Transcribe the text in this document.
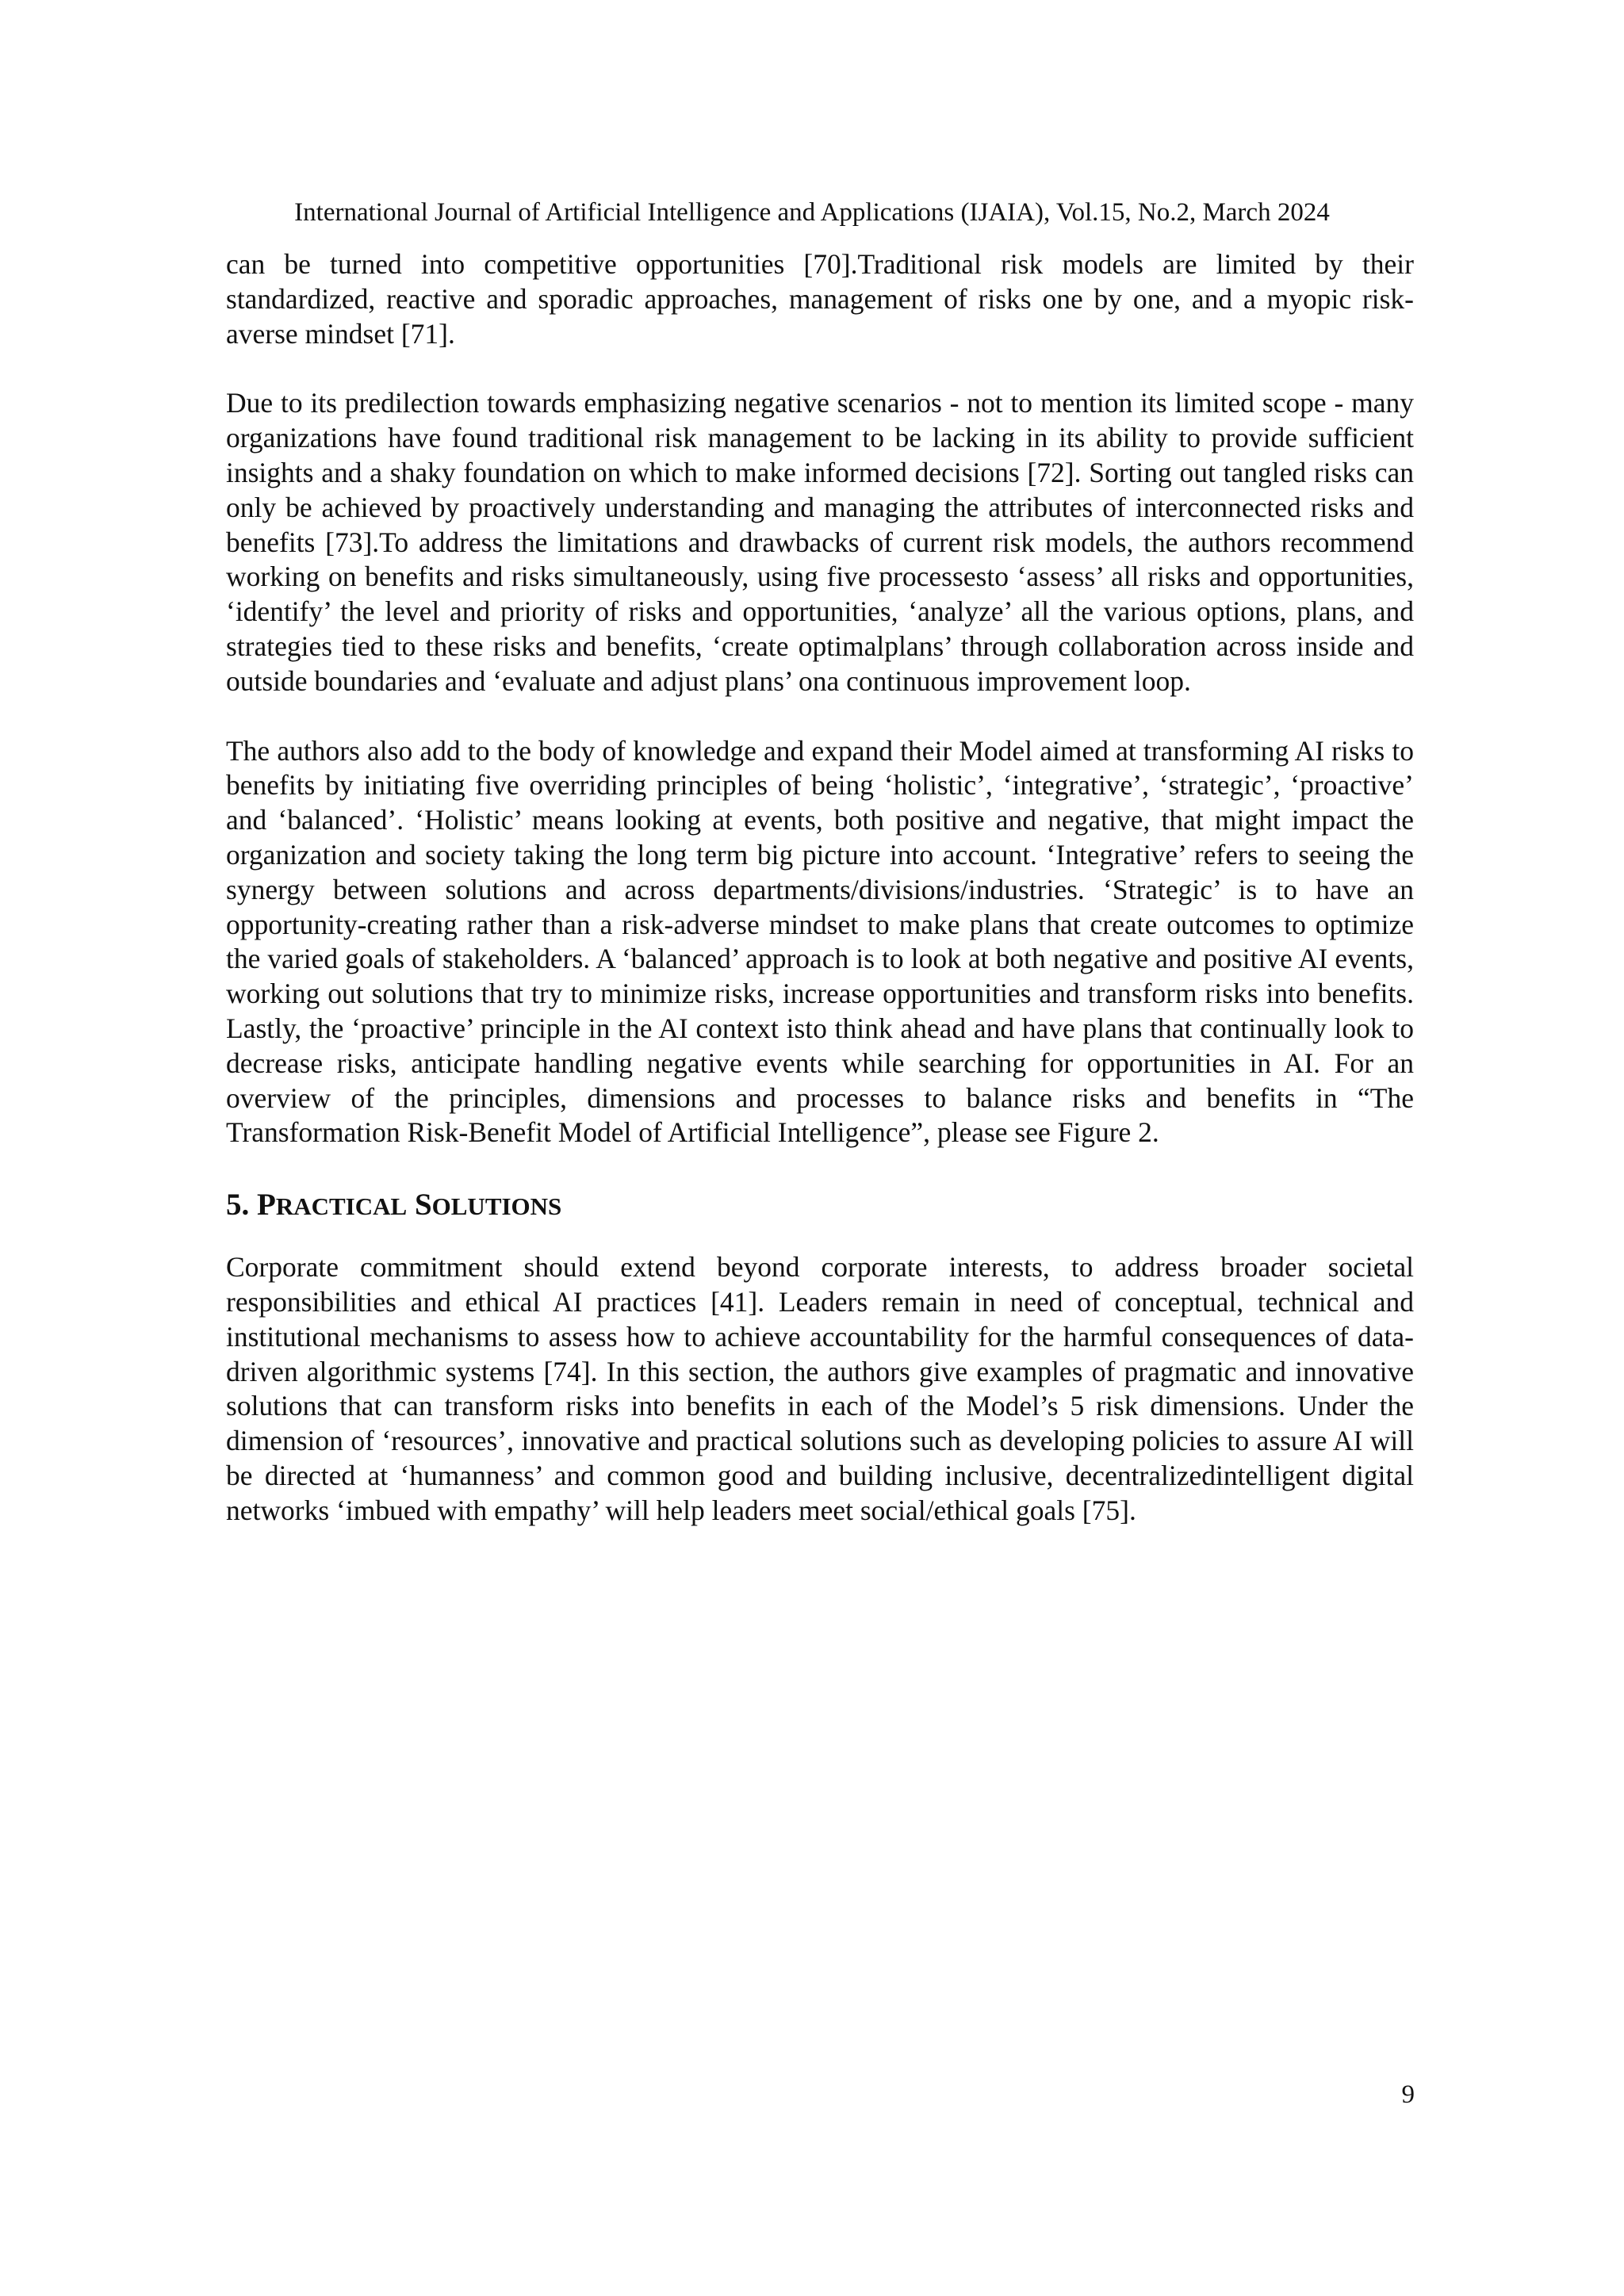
International Journal of Artificial Intelligence and Applications (IJAIA), Vol.15, No.2, March 2024

can be turned into competitive opportunities [70].Traditional risk models are limited by their standardized, reactive and sporadic approaches, management of risks one by one, and a myopic risk-averse mindset [71].

Due to its predilection towards emphasizing negative scenarios - not to mention its limited scope - many organizations have found traditional risk management to be lacking in its ability to provide sufficient insights and a shaky foundation on which to make informed decisions [72]. Sorting out tangled risks can only be achieved by proactively understanding and managing the attributes of interconnected risks and benefits [73].To address the limitations and drawbacks of current risk models, the authors recommend working on benefits and risks simultaneously, using five processesto ‘assess’ all risks and opportunities, ‘identify’ the level and priority of risks and opportunities, ‘analyze’ all the various options, plans, and strategies tied to these risks and benefits, ‘create optimalplans’ through collaboration across inside and outside boundaries and ‘evaluate and adjust plans’ ona continuous improvement loop.

The authors also add to the body of knowledge and expand their Model aimed at transforming AI risks to benefits by initiating five overriding principles of being ‘holistic’, ‘integrative’, ‘strategic’, ‘proactive’ and ‘balanced’. ‘Holistic’ means looking at events, both positive and negative, that might impact the organization and society taking the long term big picture into account. ‘Integrative’ refers to seeing the synergy between solutions and across departments/divisions/industries. ‘Strategic’ is to have an opportunity-creating rather than a risk-adverse mindset to make plans that create outcomes to optimize the varied goals of stakeholders. A ‘balanced’ approach is to look at both negative and positive AI events, working out solutions that try to minimize risks, increase opportunities and transform risks into benefits. Lastly, the ‘proactive’ principle in the AI context isto think ahead and have plans that continually look to decrease risks, anticipate handling negative events while searching for opportunities in AI. For an overview of the principles, dimensions and processes to balance risks and benefits in “The Transformation Risk-Benefit Model of Artificial Intelligence”, please see Figure 2.

5. PRACTICAL SOLUTIONS

Corporate commitment should extend beyond corporate interests, to address broader societal responsibilities and ethical AI practices [41]. Leaders remain in need of conceptual, technical and institutional mechanisms to assess how to achieve accountability for the harmful consequences of data-driven algorithmic systems [74]. In this section, the authors give examples of pragmatic and innovative solutions that can transform risks into benefits in each of the Model’s 5 risk dimensions. Under the dimension of ‘resources’, innovative and practical solutions such as developing policies to assure AI will be directed at ‘humanness’ and common good and building inclusive, decentralizedintelligent digital networks ‘imbued with empathy’ will help leaders meet social/ethical goals [75].

9
